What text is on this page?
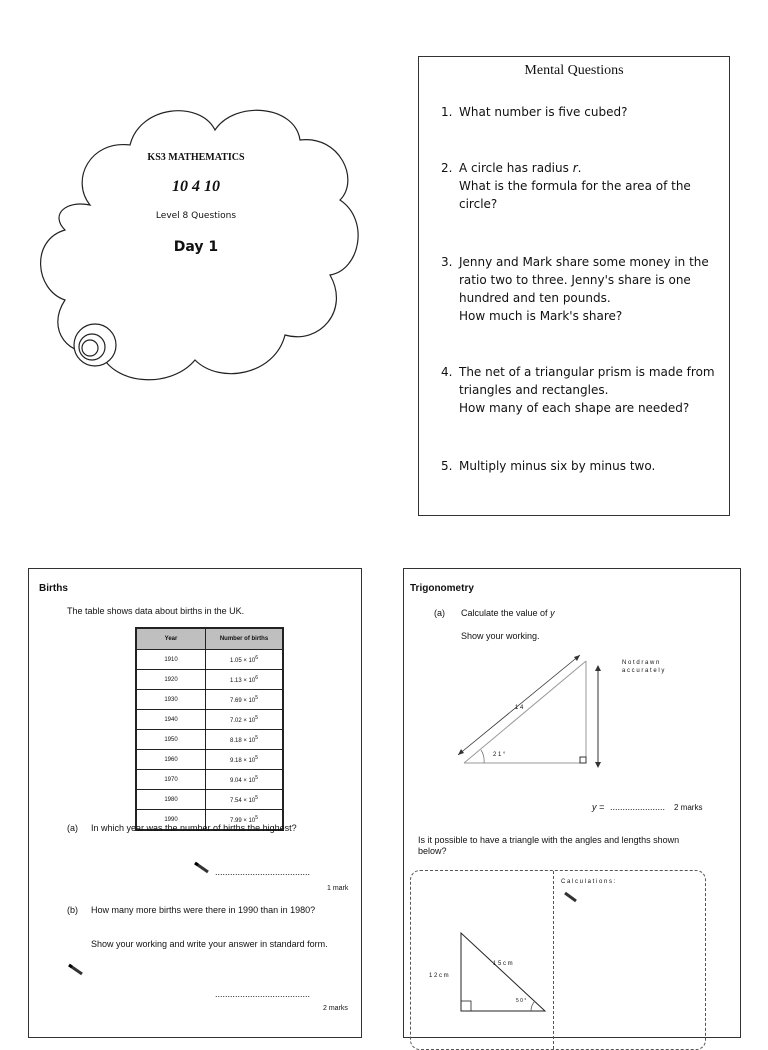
KS3 MATHEMATICS
10 4 10
Level 8 Questions
Day 1
Mental Questions
1. What number is five cubed?
2. A circle has radius r.
What is the formula for the area of the circle?
3. Jenny and Mark share some money in the ratio two to three. Jenny's share is one hundred and ten pounds.
How much is Mark's share?
4. The net of a triangular prism is made from triangles and rectangles.
How many of each shape are needed?
5. Multiply minus six by minus two.
Births
The table shows data about births in the UK.
Year	Number of births
1910	$1.05 \times 10^6$
1920	$1.13 \times 10^6$
1930	$7.69 \times 10^5$
1940	$7.02 \times 10^5$
1950	$8.18 \times 10^5$
1960	$9.18 \times 10^5$
1970	$9.04 \times 10^5$
1980	$7.54 \times 10^5$
1990	$7.99 \times 10^5$
(a) In which year was the number of births the highest?
......................................
1 mark
(b) How many more births were there in 1990 than in 1980?
Show your working and write your answer in standard form.
......................................
2 marks
Trigonometry
(a) Calculate the value of y
Show your working.
N o t d r a w n
a c c u r a t e l y
1 4
2 1 °
y = ...................... 2 marks
Is it possible to have a triangle with the angles and lengths shown below?
C a l c u l a t i o n s :
1 2 c m
1 5 c m
5 0 °
